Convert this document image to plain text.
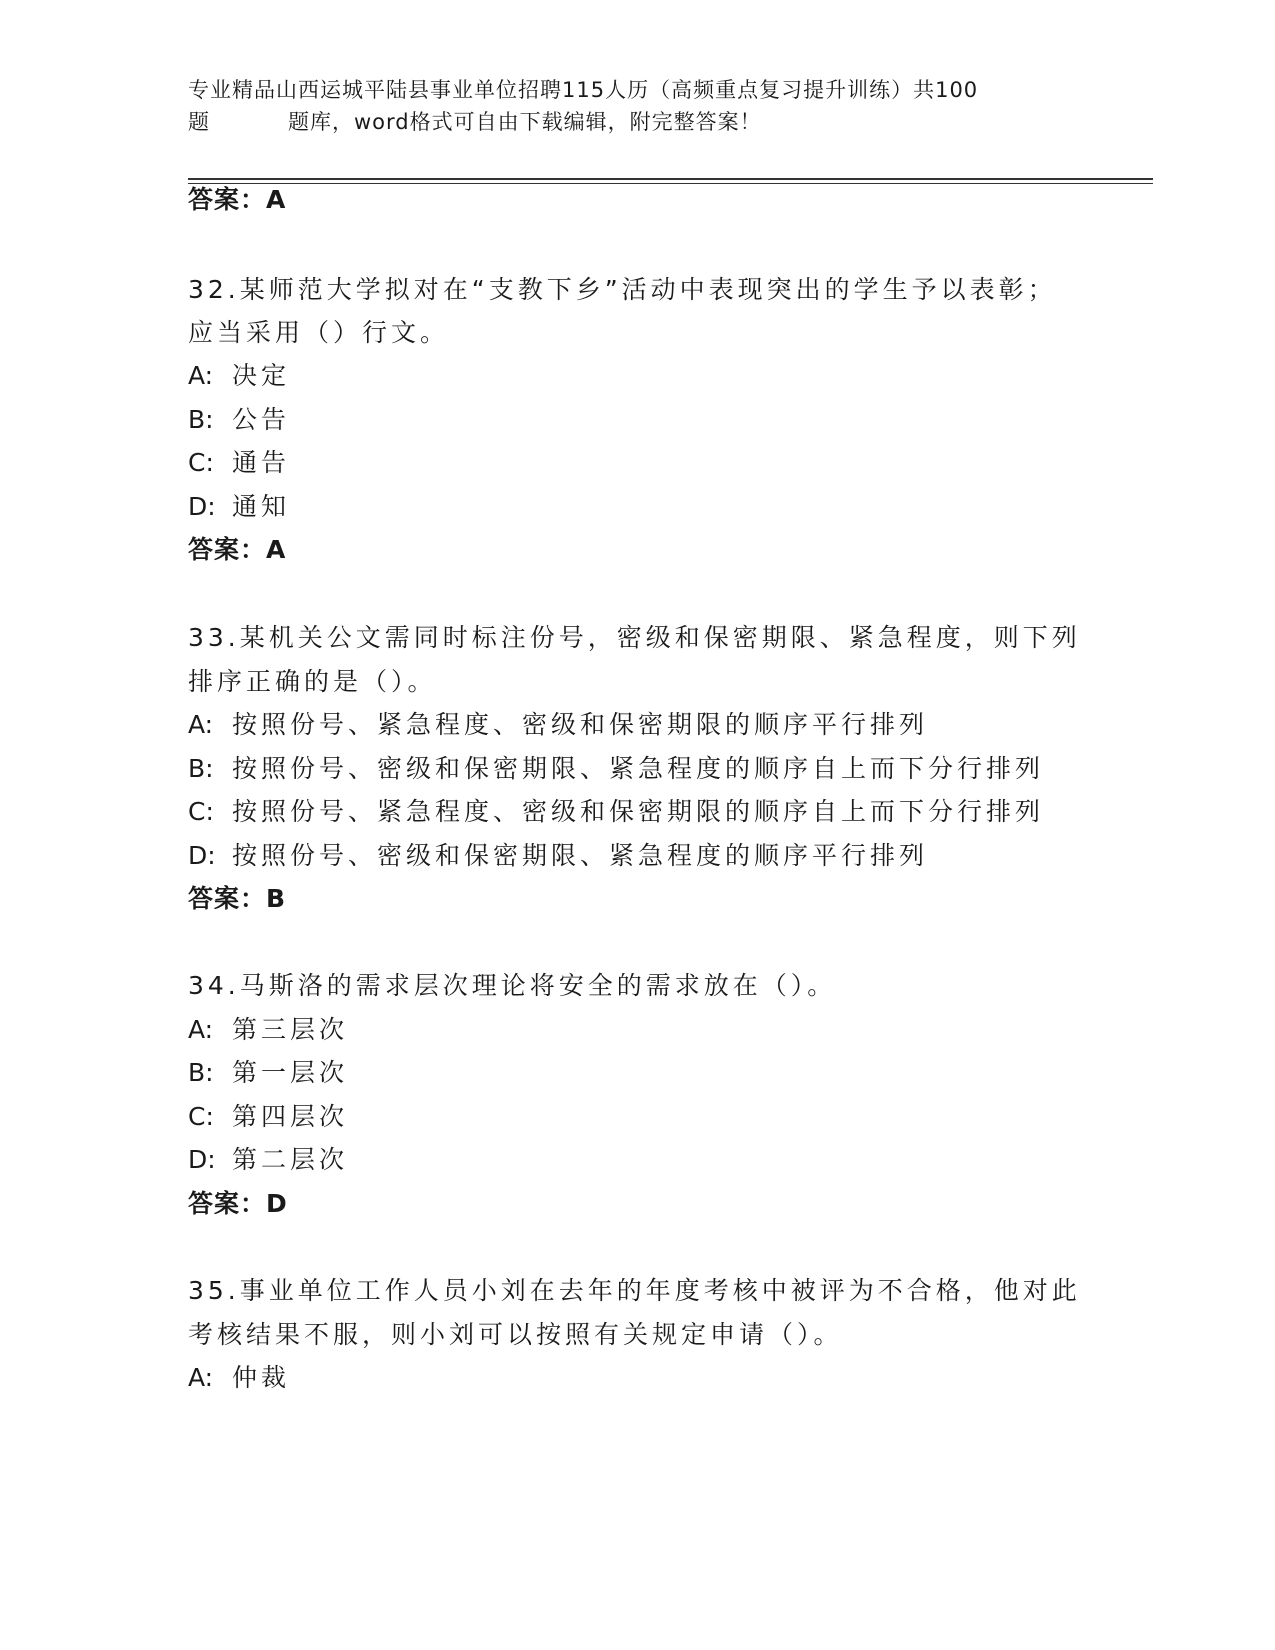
专业精品山西运城平陆县事业单位招聘115人历（高频重点复习提升训练）共100
题	题库，word格式可自由下载编辑，附完整答案！
答案：A
32.某师范大学拟对在“支教下乡”活动中表现突出的学生予以表彰；
应当采用（）行文。
A: 决定
B: 公告
C: 通告
D: 通知
答案：A
33.某机关公文需同时标注份号，密级和保密期限、紧急程度，则下列
排序正确的是（）。
A: 按照份号、紧急程度、密级和保密期限的顺序平行排列
B: 按照份号、密级和保密期限、紧急程度的顺序自上而下分行排列
C: 按照份号、紧急程度、密级和保密期限的顺序自上而下分行排列
D: 按照份号、密级和保密期限、紧急程度的顺序平行排列
答案：B
34.马斯洛的需求层次理论将安全的需求放在（）。
A: 第三层次
B: 第一层次
C: 第四层次
D: 第二层次
答案：D
35.事业单位工作人员小刘在去年的年度考核中被评为不合格，他对此
考核结果不服，则小刘可以按照有关规定申请（）。
A: 仲裁
